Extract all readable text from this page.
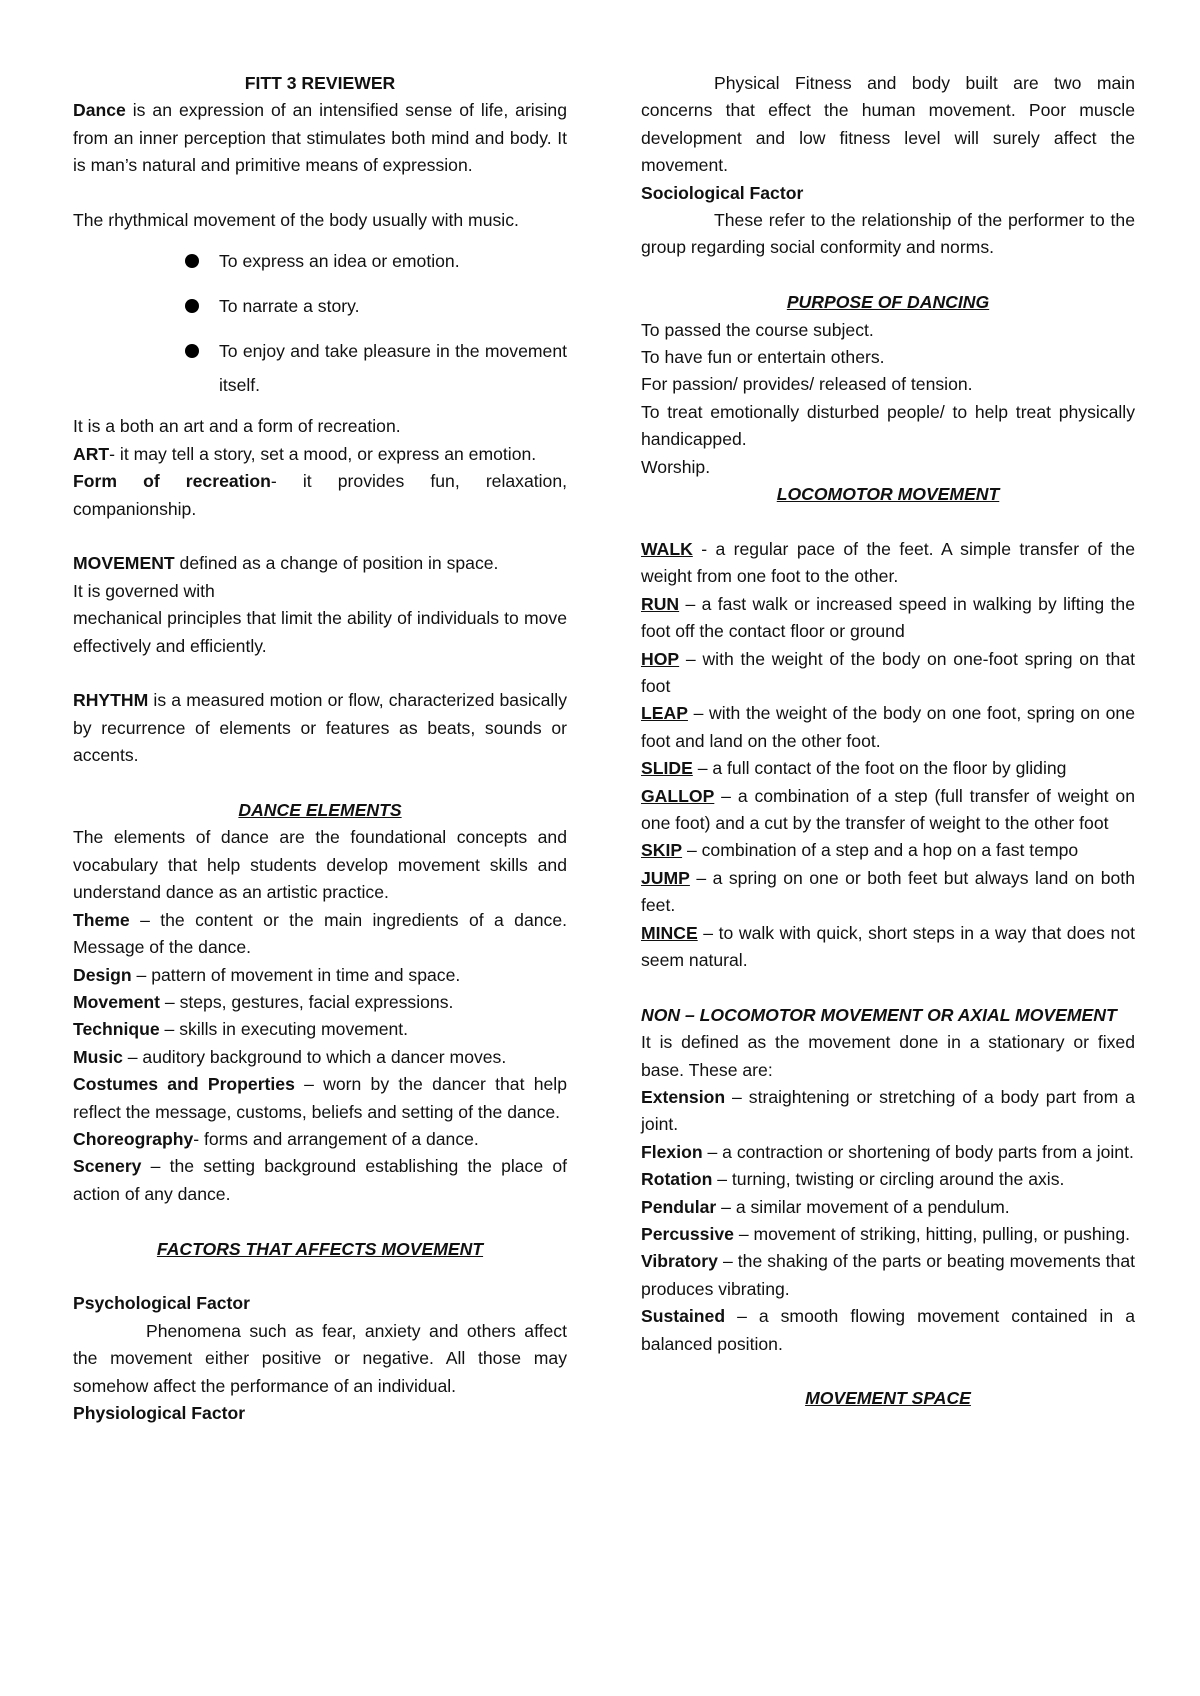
FITT 3 REVIEWER

Dance is an expression of an intensified sense of life, arising from an inner perception that stimulates both mind and body. It is man’s natural and primitive means of expression.

The rhythmical movement of the body usually with music.

To express an idea or emotion.
To narrate a story.
To enjoy and take pleasure in the movement itself.

It is a both an art and a form of recreation.

ART- it may tell a story, set a mood, or express an emotion.

Form of recreation- it provides fun, relaxation, companionship.

MOVEMENT defined as a change of position in space.

It is governed with

mechanical principles that limit the ability of individuals to move effectively and efficiently.

RHYTHM is a measured motion or flow, characterized basically by recurrence of elements or features as beats, sounds or accents.

DANCE ELEMENTS

The elements of dance are the foundational concepts and vocabulary that help students develop movement skills and understand dance as an artistic practice.

Theme – the content or the main ingredients of a dance. Message of the dance.

Design – pattern of movement in time and space.

Movement – steps, gestures, facial expressions.

Technique – skills in executing movement.

Music – auditory background to which a dancer moves.

Costumes and Properties – worn by the dancer that help reflect the message, customs, beliefs and setting of the dance.

Choreography- forms and arrangement of a dance.

Scenery – the setting background establishing the place of action of any dance.

FACTORS THAT AFFECTS MOVEMENT

Psychological Factor

Phenomena such as fear, anxiety and others affect the movement either positive or negative. All those may somehow affect the performance of an individual.

Physiological Factor

Physical Fitness and body built are two main concerns that effect the human movement. Poor muscle development and low fitness level will surely affect the movement.

Sociological Factor

These refer to the relationship of the performer to the group regarding social conformity and norms.

PURPOSE OF DANCING

To passed the course subject.

To have fun or entertain others.

For passion/ provides/ released of tension.

To treat emotionally disturbed people/ to help treat physically handicapped.

Worship.

LOCOMOTOR MOVEMENT

WALK - a regular pace of the feet. A simple transfer of the weight from one foot to the other.

RUN – a fast walk or increased speed in walking by lifting the foot off the contact floor or ground

HOP – with the weight of the body on one-foot spring on that foot

LEAP – with the weight of the body on one foot, spring on one foot and land on the other foot.

SLIDE – a full contact of the foot on the floor by gliding

GALLOP – a combination of a step (full transfer of weight on one foot) and a cut by the transfer of weight to the other foot

SKIP – combination of a step and a hop on a fast tempo

JUMP – a spring on one or both feet but always land on both feet.

MINCE – to walk with quick, short steps in a way that does not seem natural.

NON – LOCOMOTOR MOVEMENT OR AXIAL MOVEMENT

It is defined as the movement done in a stationary or fixed base. These are:

Extension – straightening or stretching of a body part from a joint.

Flexion – a contraction or shortening of body parts from a joint.

Rotation – turning, twisting or circling around the axis.

Pendular – a similar movement of a pendulum.

Percussive – movement of striking, hitting, pulling, or pushing.

Vibratory – the shaking of the parts or beating movements that produces vibrating.

Sustained – a smooth flowing movement contained in a balanced position.

MOVEMENT SPACE
